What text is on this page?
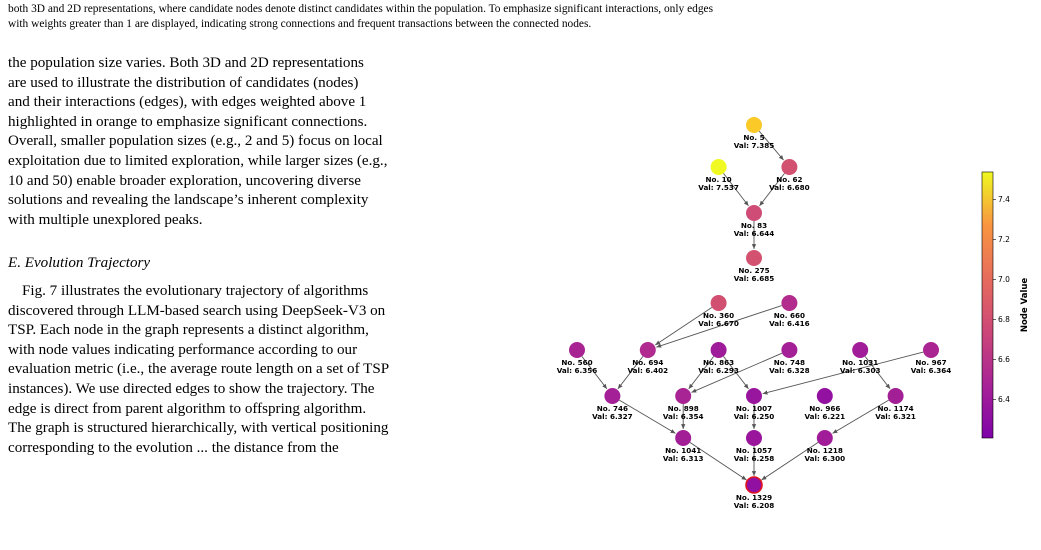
both 3D and 2D representations, where candidate nodes denote distinct candidates within the population. To emphasize significant interactions, only edges

with weights greater than 1 are displayed, indicating strong connections and frequent transactions between the connected nodes.

the population size varies. Both 3D and 2D representations

are used to illustrate the distribution of candidates (nodes)

and their interactions (edges), with edges weighted above 1

highlighted in orange to emphasize significant connections.

Overall, smaller population sizes (e.g., 2 and 5) focus on local

exploitation due to limited exploration, while larger sizes (e.g.,

10 and 50) enable broader exploration, uncovering diverse

solutions and revealing the landscape’s inherent complexity

with multiple unexplored peaks.

E. Evolution Trajectory

Fig. 7 illustrates the evolutionary trajectory of algorithms

discovered through LLM-based search using DeepSeek-V3 on

TSP. Each node in the graph represents a distinct algorithm,

with node values indicating performance according to our

evaluation metric (i.e., the average route length on a set of TSP

instances). We use directed edges to show the trajectory. The

edge is direct from parent algorithm to offspring algorithm.

The graph is structured hierarchically, with vertical positioning

corresponding to the evolution ... the distance from the

No. 5
Val: 7.385
No. 10
Val: 7.537
No. 62
Val: 6.680
No. 83
Val: 6.644
No. 275
Val: 6.685
No. 360
Val: 6.670
No. 660
Val: 6.416
No. 560
Val: 6.356
No. 694
Val: 6.402
No. 863
Val: 6.293
No. 748
Val: 6.328
No. 1031
Val: 6.303
No. 967
Val: 6.364
No. 746
Val: 6.327
No. 898
Val: 6.354
No. 1007
Val: 6.250
No. 966
Val: 6.221
No. 1174
Val: 6.321
No. 1041
Val: 6.313
No. 1057
Val: 6.258
No. 1218
Val: 6.300
No. 1329
Val: 6.208
7.4
7.2
7.0
6.8
6.6
6.4
Node Value
